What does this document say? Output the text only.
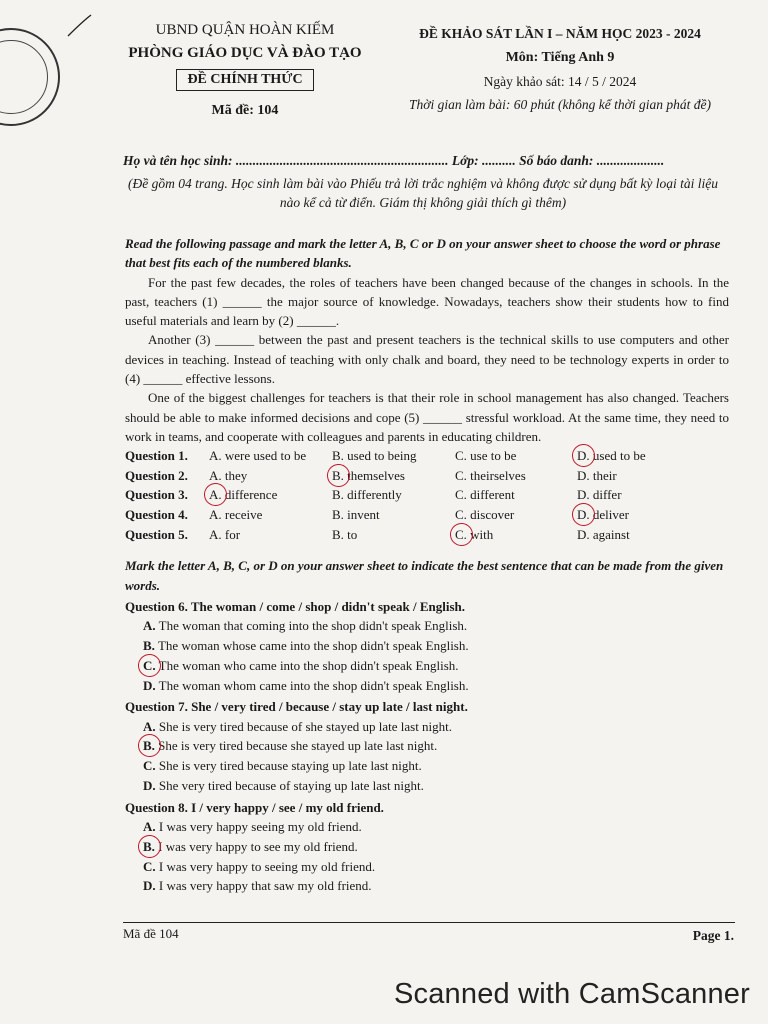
UBND QUẬN HOÀN KIẾM
PHÒNG GIÁO DỤC VÀ ĐÀO TẠO
ĐỀ CHÍNH THỨC
Mã đề: 104
ĐỀ KHẢO SÁT LẦN I – NĂM HỌC 2023 - 2024
Môn: Tiếng Anh 9
Ngày khảo sát: 14 / 5 / 2024
Thời gian làm bài: 60 phút (không kể thời gian phát đề)
Họ và tên học sinh: ............................................................... Lớp: .......... Số báo danh: ....................
(Đề gồm 04 trang. Học sinh làm bài vào Phiếu trả lời trắc nghiệm và không được sử dụng bất kỳ loại tài liệu nào kể cả từ điển. Giám thị không giải thích gì thêm)
Read the following passage and mark the letter A, B, C or D on your answer sheet to choose the word or phrase that best fits each of the numbered blanks.
For the past few decades, the roles of teachers have been changed because of the changes in schools. In the past, teachers (1) ______ the major source of knowledge. Nowadays, teachers show their students how to find useful materials and learn by (2) ______.
Another (3) ______ between the past and present teachers is the technical skills to use computers and other devices in teaching. Instead of teaching with only chalk and board, they need to be technology experts in order to (4) ______ effective lessons.
One of the biggest challenges for teachers is that their role in school management has also changed. Teachers should be able to make informed decisions and cope (5) ______ stressful workload. At the same time, they need to work in teams, and cooperate with colleagues and parents in educating children.
Question 1.	A. were used to be	B. used to being	C. use to be	D. used to be
Question 2.	A. they	B. themselves	C. theirselves	D. their
Question 3.	A. difference	B. differently	C. different	D. differ
Question 4.	A. receive	B. invent	C. discover	D. deliver
Question 5.	A. for	B. to	C. with	D. against
Mark the letter A, B, C, or D on your answer sheet to indicate the best sentence that can be made from the given words.
Question 6. The woman / come / shop / didn't speak / English.
A. The woman that coming into the shop didn't speak English.
B. The woman whose came into the shop didn't speak English.
C. The woman who came into the shop didn't speak English.
D. The woman whom came into the shop didn't speak English.
Question 7. She / very tired / because / stay up late / last night.
A. She is very tired because of she stayed up late last night.
B. She is very tired because she stayed up late last night.
C. She is very tired because staying up late last night.
D. She very tired because of staying up late last night.
Question 8. I / very happy / see / my old friend.
A. I was very happy seeing my old friend.
B. I was very happy to see my old friend.
C. I was very happy to seeing my old friend.
D. I was very happy that saw my old friend.
Mã đề 104	Page 1.
Scanned with CamScanner
